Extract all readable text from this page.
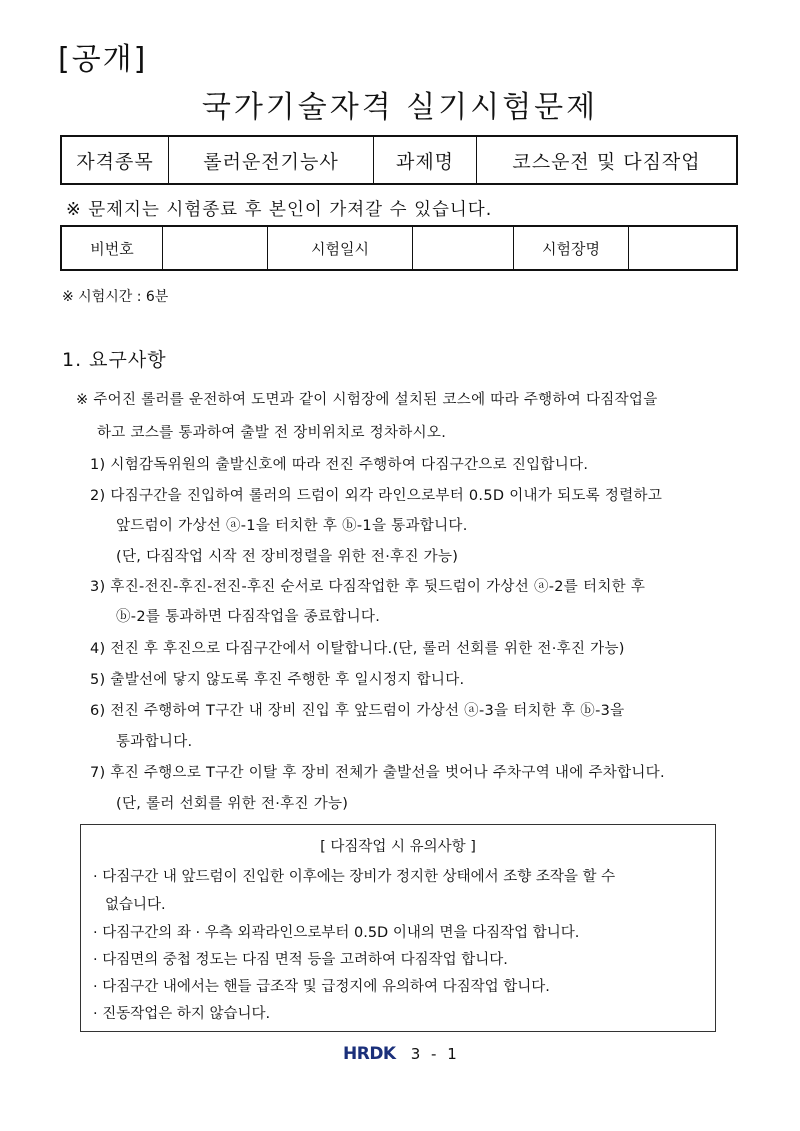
[공개]
국가기술자격 실기시험문제
자격종목	롤러운전기능사	과제명	코스운전 및 다짐작업
※ 문제지는 시험종료 후 본인이 가져갈 수 있습니다.
비번호		시험일시		시험장명	
※ 시험시간 : 6분
1. 요구사항
※ 주어진 롤러를 운전하여 도면과 같이 시험장에 설치된 코스에 따라 주행하여 다짐작업을
하고 코스를 통과하여 출발 전 장비위치로 정차하시오.
1) 시험감독위원의 출발신호에 따라 전진 주행하여 다짐구간으로 진입합니다.
2) 다짐구간을 진입하여 롤러의 드럼이 외각 라인으로부터 0.5D 이내가 되도록 정렬하고
앞드럼이 가상선 ⓐ-1을 터치한 후 ⓑ-1을 통과합니다.
(단, 다짐작업 시작 전 장비정렬을 위한 전·후진 가능)
3) 후진-전진-후진-전진-후진 순서로 다짐작업한 후 뒷드럼이 가상선 ⓐ-2를 터치한 후
ⓑ-2를 통과하면 다짐작업을 종료합니다.
4) 전진 후 후진으로 다짐구간에서 이탈합니다.(단, 롤러 선회를 위한 전·후진 가능)
5) 출발선에 닿지 않도록 후진 주행한 후 일시정지 합니다.
6) 전진 주행하여 T구간 내 장비 진입 후 앞드럼이 가상선 ⓐ-3을 터치한 후 ⓑ-3을
통과합니다.
7) 후진 주행으로 T구간 이탈 후 장비 전체가 출발선을 벗어나 주차구역 내에 주차합니다.
(단, 롤러 선회를 위한 전·후진 가능)
[ 다짐작업 시 유의사항 ]
· 다짐구간 내 앞드럼이 진입한 이후에는 장비가 정지한 상태에서 조향 조작을 할 수
없습니다.
· 다짐구간의 좌 · 우측 외곽라인으로부터 0.5D 이내의 면을 다짐작업 합니다.
· 다짐면의 중첩 정도는 다짐 면적 등을 고려하여 다짐작업 합니다.
· 다짐구간 내에서는 핸들 급조작 및 급정지에 유의하여 다짐작업 합니다.
· 진동작업은 하지 않습니다.
HRDK 3 - 1
